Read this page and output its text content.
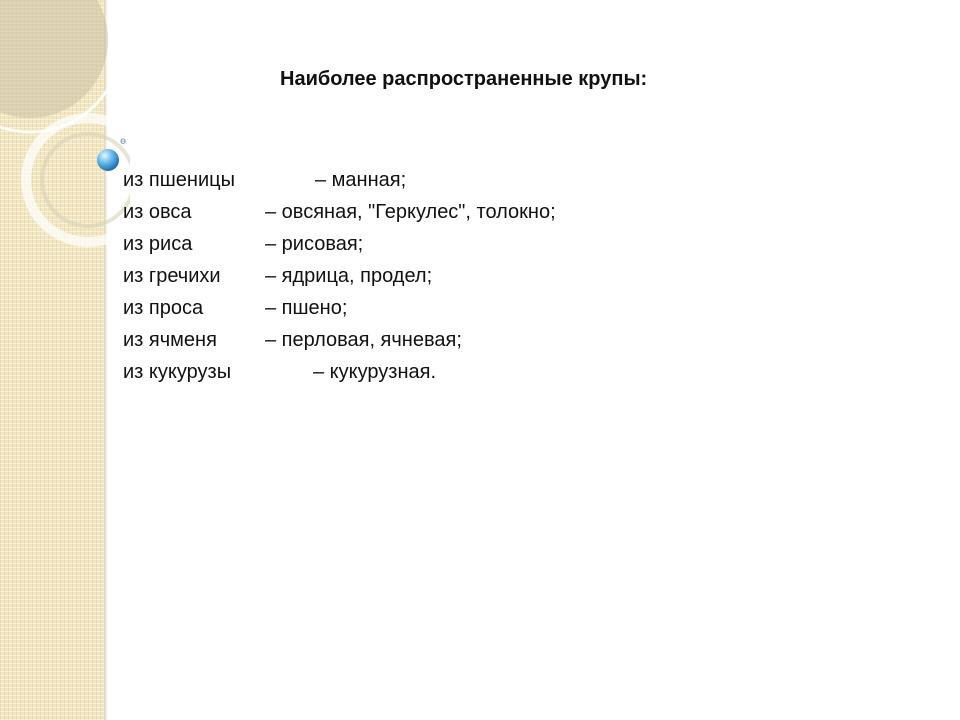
ɵ
Наиболее распространенные крупы:
из пшеницы	– манная;
из овса	– овсяная, "Геркулес", толокно;
из риса	– рисовая;
из гречихи – ядрица, продел;
из проса	– пшено;
из ячменя – перловая, ячневая;
из кукурузы	– кукурузная.
